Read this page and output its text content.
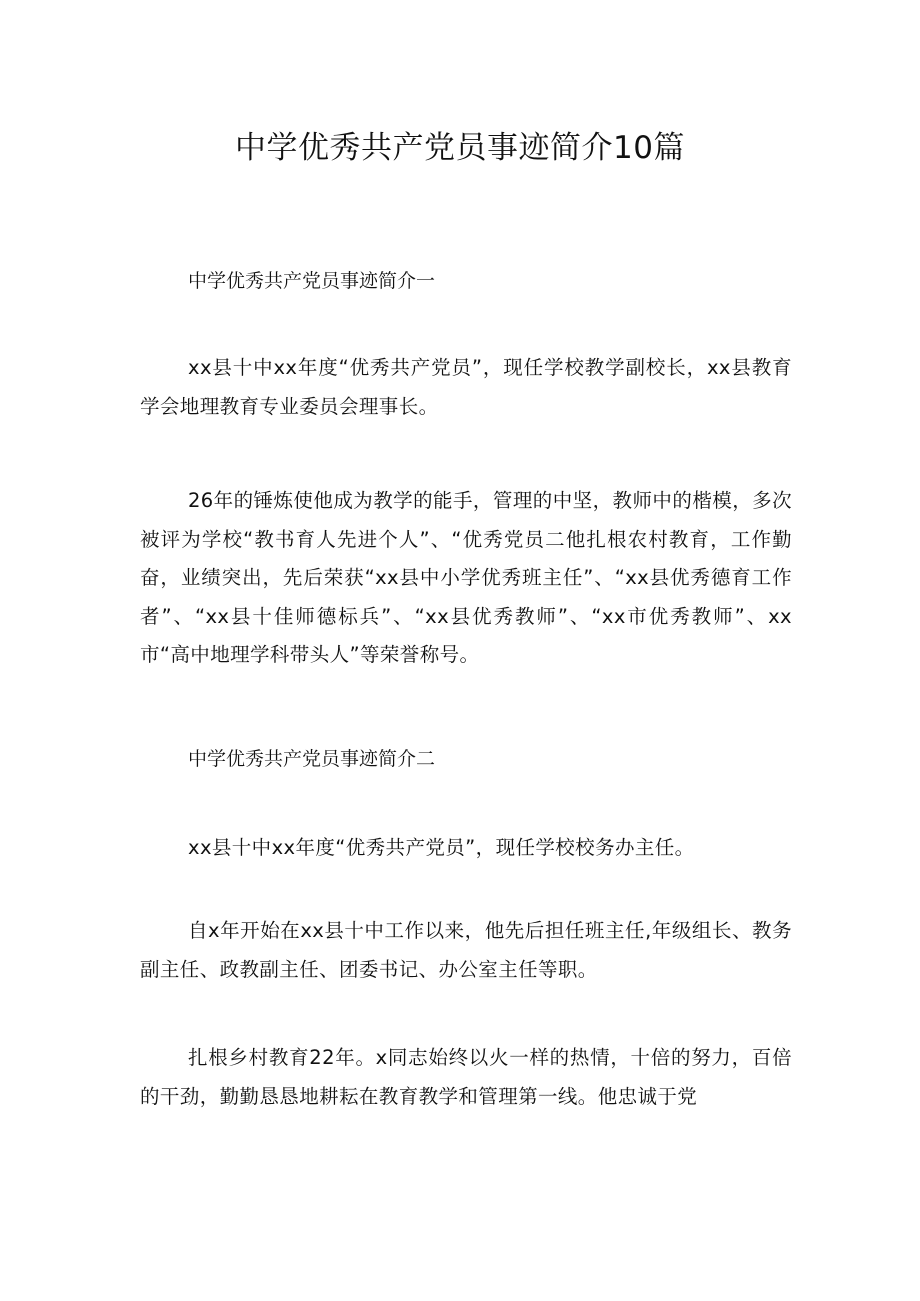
中学优秀共产党员事迹简介10篇
中学优秀共产党员事迹简介一
xx县十中xx年度“优秀共产党员”，现任学校教学副校长，xx县教育学会地理教育专业委员会理事长。
26年的锤炼使他成为教学的能手，管理的中坚，教师中的楷模，多次被评为学校“教书育人先进个人”、“优秀党员二他扎根农村教育，工作勤奋，业绩突出，先后荣获“xx县中小学优秀班主任”、“xx县优秀德育工作者”、“xx县十佳师德标兵”、“xx县优秀教师”、“xx市优秀教师”、xx市“高中地理学科带头人”等荣誉称号。
中学优秀共产党员事迹简介二
xx县十中xx年度“优秀共产党员”，现任学校校务办主任。
自x年开始在xx县十中工作以来，他先后担任班主任,年级组长、教务副主任、政教副主任、团委书记、办公室主任等职。
扎根乡村教育22年。x同志始终以火一样的热情，十倍的努力，百倍的干劲，勤勤恳恳地耕耘在教育教学和管理第一线。他忠诚于党
